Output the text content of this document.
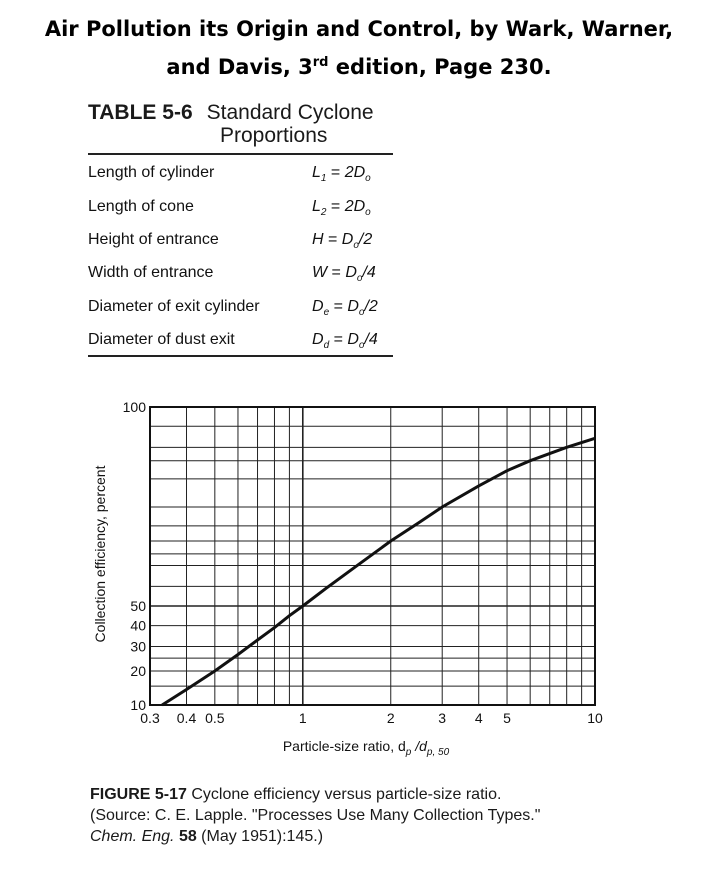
Air Pollution its Origin and Control, by Wark, Warner,
and Davis, 3rd edition, Page 230.
TABLE 5-6 Standard Cyclone
Proportions
Length of cylinder	$L_1 = 2D_o$
Length of cone	$L_2 = 2D_o$
Height of entrance	$H = D_o/2$
Width of entrance	$W = D_o/4$
Diameter of exit cylinder	$D_e = D_o/2$
Diameter of dust exit	$D_d = D_o/4$
0.3 0.4 0.5	1	2	3 4 5	10
10
20
30
40
50
100
Particle-size ratio, $d_p$ $/d_{p, 50}$
Collection efficiency, percent
FIGURE 5-17 Cyclone efficiency versus particle-size ratio.
(Source: C. E. Lapple. "Processes Use Many Collection Types."
Chem. Eng. 58 (May 1951):145.)
